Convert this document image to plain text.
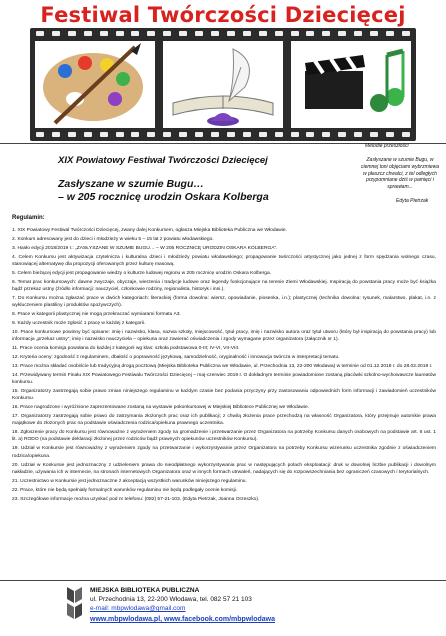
Festiwal Twórczości Dziecięcej
Melodie przeszłości
Zasłyszane w szumie Bugu, w ciemnej toni objęciami wybrzmiewa w płaszcz chwalci, z tel odległych przypomniane dziś w pamięci i sprawiam...
Edyta Pietrzak
XIX Powiatowy Festiwał Twórczości Dziecięcej
Zasłyszane w szumie Bugu…
– w 205 rocznicę urodzin Oskara Kolberga
Regulamin:

1. XIX Powiatowy Festiwal Twórczości Dziecięcej, zwany dalej Konkursem, ogłasza Miejska Biblioteka Publiczna we Włodawie.

2. Konkurs adresowany jest do dzieci i młodzieży w wieku 5 – 15 lat z powiatu włodawskiego.

3. Hasło edycji 2018/2019 r.: „ZASŁYSZANE W SZUMIE BUGU… – W 205 ROCZNICĘ URODZIN OSKARA KOLBERGA”.

4. Celem Konkursu jest aktywizacja czytelnicza i kulturalna dzieci i młodzieży powiatu włodawskiego; propagowanie twórczości artystycznej jako jednej z form spędzania wolnego czasu, stanowiącej alternatywę dla propozycji oferowanych przez kulturę masową.

5. Celem bieżącej edycji jest propagowanie wiedzy o kulturze ludowej regionu w 205 rocznicę urodzin Oskara Kolberga.

6. Temat prac konkursowych: dawne zwyczaje, obyczaje, wierzenia i tradycje ludowe oraz legendy funkcjonujące na terenie Ziemi Włodawskiej. Inspiracją do powstania pracy może być książka bądź przekaz ustny (źródło informacji: nauczyciel, członkowie rodziny, regionalista, historyk i inni.).

7. Do Konkursu można zgłaszać prace w dwóch kategoriach: literackiej (forma dowolna: wiersz, opowiadanie, piosenka, i.n.); plastycznej (technika dowolna: rysunek, malarstwo, plakat, i.n. z wykluczeniem plastiliny i produktów spożywczych).

8. Prace w kategorii plastycznej nie mogą przekraczać wymiarami formatu A3.

9. Każdy uczestnik może zgłosić 1 pracę w każdej z kategorii.

10. Prace konkursowe powinny być opisane: imię i nazwisko, klasa, nazwa szkoły, miejscowość, tytuł pracy, imię i nazwisko autora oraz tytuł utworu (który był inspiracją do powstania pracy) lub informacja „przekaz ustny”, imię i nazwisko nauczyciela – opiekuna oraz zawierać oświadczenia i zgody wymagane przez organizatora (załącznik nr 1).

11. Prace ocenia komisja powołana do każdej z kategorii wg klas: szkoła podstawowa 0-III; IV-VI, VII-VIII.

12. Kryteria oceny: zgodność z regulaminem, dbałość o poprawność językową, samodzielność, oryginalność i innowacja twórcza w interpretacji tematu.

13. Prace można składać osobiście lub tradycyjną drogą pocztową (Miejska Biblioteka Publiczna we Włodawie, ul. Przechodnia 13, 22-200 Włodawa) w terminie od 01.12.2018 r. do 28.02.2019 r.

14. Przewidywany termin Finału XIX Powiatowego Festiwalu Twórczości Dziecięcej – maj-czerwiec 2019 r. O dokładnym terminie powiadomione zostaną placówki szkolno-wychowawcze laureatów konkursu.

15. Organizatorzy zastrzegają sobie prawo zmian niniejszego regulaminu w każdym czasie bez podania przyczyny przy zastosowaniu odpowiednich form informacji i zawiadomień uczestników Konkursu.

16. Prace nagrodzone i wyróżnione zaprezentowane zostaną na wystawie pokonkursowej w Miejskiej Bibliotece Publicznej we Włodawie.

17. Organizatorzy zastrzegają sobie prawo do zatrzymania złożonych prac oraz ich publikacji; z chwilą złożenia prace przechodzą na własność Organizatora, który przejmuje autorskie prawa majątkowe do złożonych prac na podstawie oświadczenia rodzica/opiekuna prawnego uczestnika.

18. Zgłoszenie pracy do Konkursu jest równoważne z wyrażeniem zgody na gromadzenie i przetwarzanie przez Organizatora na potrzeby Konkursu danych osobowych na podstawie art. 6 ust. 1 lit. a) RODO (na podstawie deklaracji złożonej przez rodziców bądź prawnych opiekunów uczestników Konkursu).

19. Udział w Konkursie jest równoważny z wyrażeniem zgody na przetwarzanie i wykorzystywanie przez Organizatora na potrzeby Konkursu wizerunku uczestnika zgodnie z oświadczeniem rodzica/opiekuna.

20. Udział w Konkursie jest jednoznaczny z udzieleniem prawa do nieodpłatnego wykorzystywania prac w następujących polach eksploatacji: druk w dowolnej liczbie publikacji i dowolnym nakładzie, używania ich w internecie, na stronach internetowych Organizatora oraz w innych formach utrwaleń, nadających się do rozpowszechniania bez ograniczeń czasowych i terytorialnych.

21. Uczestnictwo w Konkursie jest jednoznaczne z akceptacją wszystkich warunków niniejszego regulaminu.

22. Prace, które nie będą spełniały formalnych warunków regulaminu nie będą podlegały ocenie komisji.

23. Szczegółowe informacje można uzyskać pod nr telefonu: (082) 57-21-103, (Edyta Pietrzak, Joanna Orzeszko).

MIEJSKA BIBLIOTEKA PUBLICZNA
ul. Przechodnia 13, 22-200 Włodawa, tel. 082 57 21 103
e-mail: mbpwlodawa@gmail.com
www.mbpwlodawa.pl, www.facebook.com/mbpwlodawa
